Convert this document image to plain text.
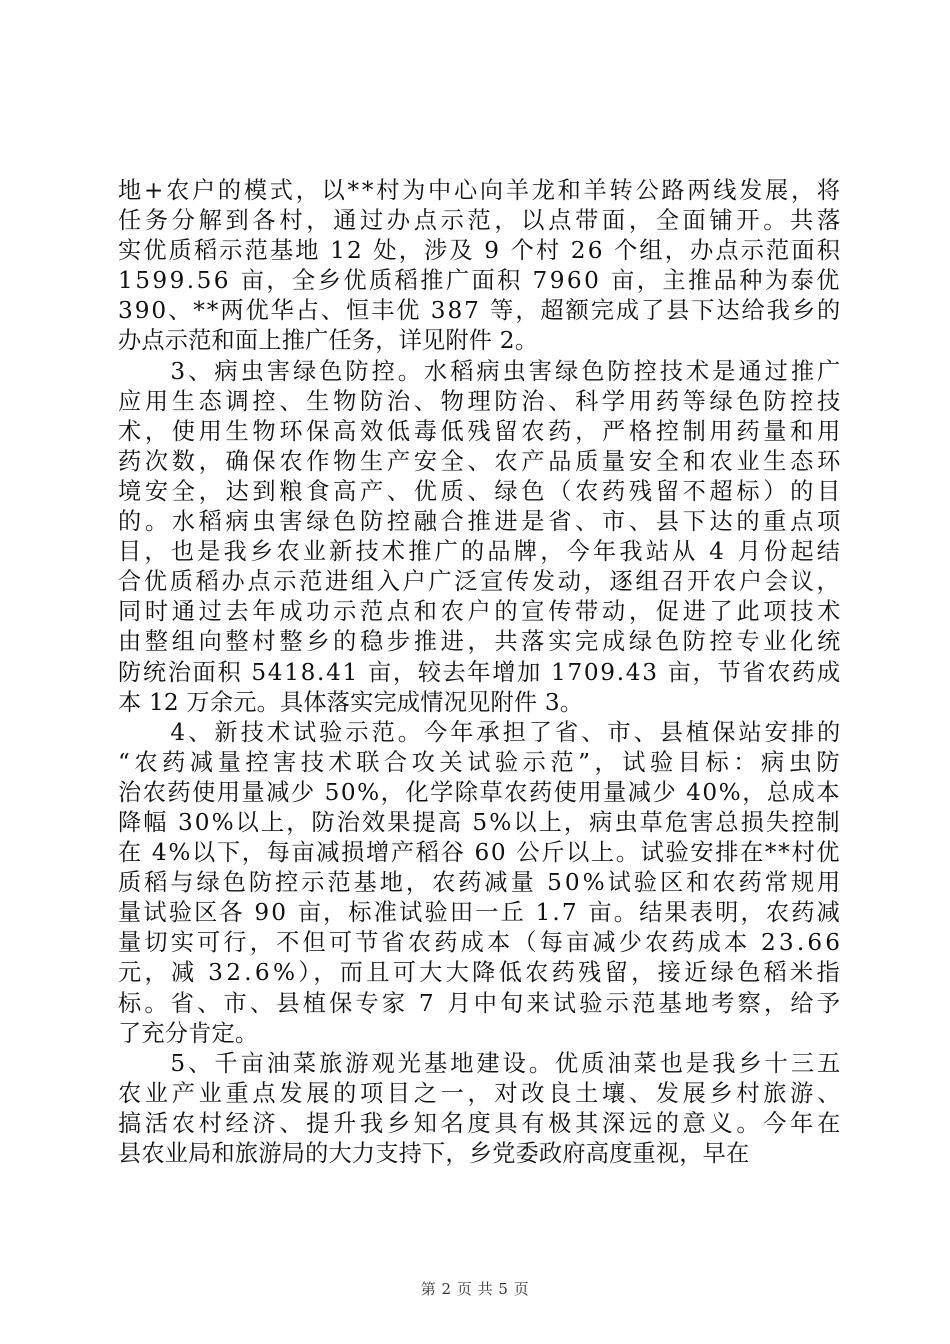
地+农户的模式，以**村为中心向羊龙和羊转公路两线发展，将
任务分解到各村，通过办点示范，以点带面，全面铺开。共落
实优质稻示范基地 12 处，涉及 9 个村 26 个组，办点示范面积
1599.56 亩，全乡优质稻推广面积 7960 亩，主推品种为泰优
390、**两优华占、恒丰优 387 等，超额完成了县下达给我乡的
办点示范和面上推广任务，详见附件 2。
　　3、病虫害绿色防控。水稻病虫害绿色防控技术是通过推广
应用生态调控、生物防治、物理防治、科学用药等绿色防控技
术，使用生物环保高效低毒低残留农药，严格控制用药量和用
药次数，确保农作物生产安全、农产品质量安全和农业生态环
境安全，达到粮食高产、优质、绿色（农药残留不超标）的目
的。水稻病虫害绿色防控融合推进是省、市、县下达的重点项
目，也是我乡农业新技术推广的品牌，今年我站从 4 月份起结
合优质稻办点示范进组入户广泛宣传发动，逐组召开农户会议，
同时通过去年成功示范点和农户的宣传带动，促进了此项技术
由整组向整村整乡的稳步推进，共落实完成绿色防控专业化统
防统治面积 5418.41 亩，较去年增加 1709.43 亩，节省农药成
本 12 万余元。具体落实完成情况见附件 3。
　　4、新技术试验示范。今年承担了省、市、县植保站安排的
“农药减量控害技术联合攻关试验示范”，试验目标：病虫防
治农药使用量减少 50%，化学除草农药使用量减少 40%，总成本
降幅 30%以上，防治效果提高 5%以上，病虫草危害总损失控制
在 4%以下，每亩减损增产稻谷 60 公斤以上。试验安排在**村优
质稻与绿色防控示范基地，农药减量 50%试验区和农药常规用
量试验区各 90 亩，标准试验田一丘 1.7 亩。结果表明，农药减
量切实可行，不但可节省农药成本（每亩减少农药成本 23.66
元，减 32.6%），而且可大大降低农药残留，接近绿色稻米指
标。省、市、县植保专家 7 月中旬来试验示范基地考察，给予
了充分肯定。
　　5、千亩油菜旅游观光基地建设。优质油菜也是我乡十三五
农业产业重点发展的项目之一，对改良土壤、发展乡村旅游、
搞活农村经济、提升我乡知名度具有极其深远的意义。今年在
县农业局和旅游局的大力支持下，乡党委政府高度重视，早在
第 2 页 共 5 页
